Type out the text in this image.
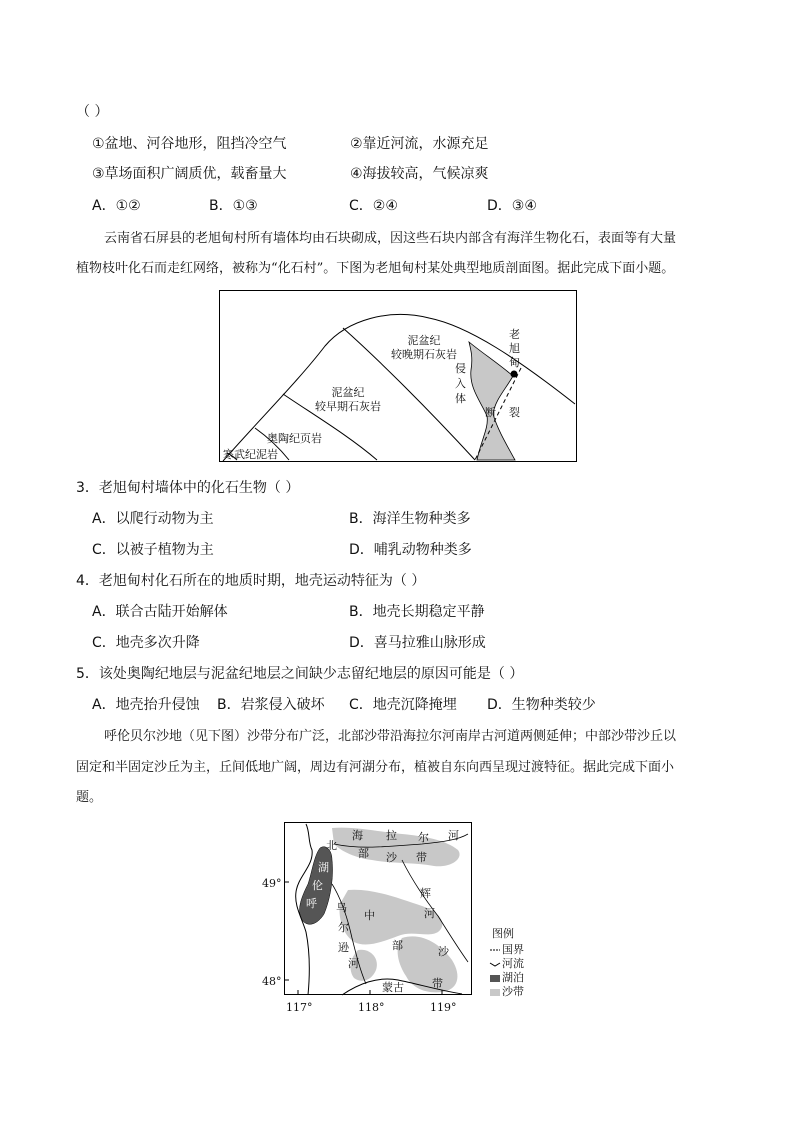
（ ）
①盆地、河谷地形，阻挡冷空气	②靠近河流，水源充足
③草场面积广阔质优，载畜量大	④海拔较高，气候凉爽
A．①②	B．①③	C．②④	D．③④
云南省石屏县的老旭甸村所有墙体均由石块砌成，因这些石块内部含有海洋生物化石，表面等有大量
植物枝叶化石而走红网络，被称为“化石村”。下图为老旭甸村某处典型地质剖面图。据此完成下面小题。
泥盆纪
较晚期石灰岩
泥盆纪
较早期石灰岩
奥陶纪页岩
寒武纪泥岩
侵
入
体
老
旭
甸
断 裂
3．老旭甸村墙体中的化石生物（ ）
A．以爬行动物为主	B．海洋生物种类多
C．以被子植物为主	D．哺乳动物种类多
4．老旭甸村化石所在的地质时期，地壳运动特征为（ ）
A．联合古陆开始解体	B．地壳长期稳定平静
C．地壳多次升降	D．喜马拉雅山脉形成
5．该处奥陶纪地层与泥盆纪地层之间缺少志留纪地层的原因可能是（ ）
A．地壳抬升侵蚀 B．岩浆侵入破坏 C．地壳沉降掩埋 D．生物种类较少
呼伦贝尔沙地（见下图）沙带分布广泛，北部沙带沿海拉尔河南岸古河道两侧延伸；中部沙带沙丘以
固定和半固定沙丘为主，丘间低地广阔，周边有河湖分布，植被自东向西呈现过渡特征。据此完成下面小
题。
北
部 沙 带
海 拉 尔 河
湖
伦
呼 乌
尔
逊
河
中
部	沙
带
辉
河
蒙古
49°
48°
117°	118°	119°
图例
国界
河流
湖泊
沙带
